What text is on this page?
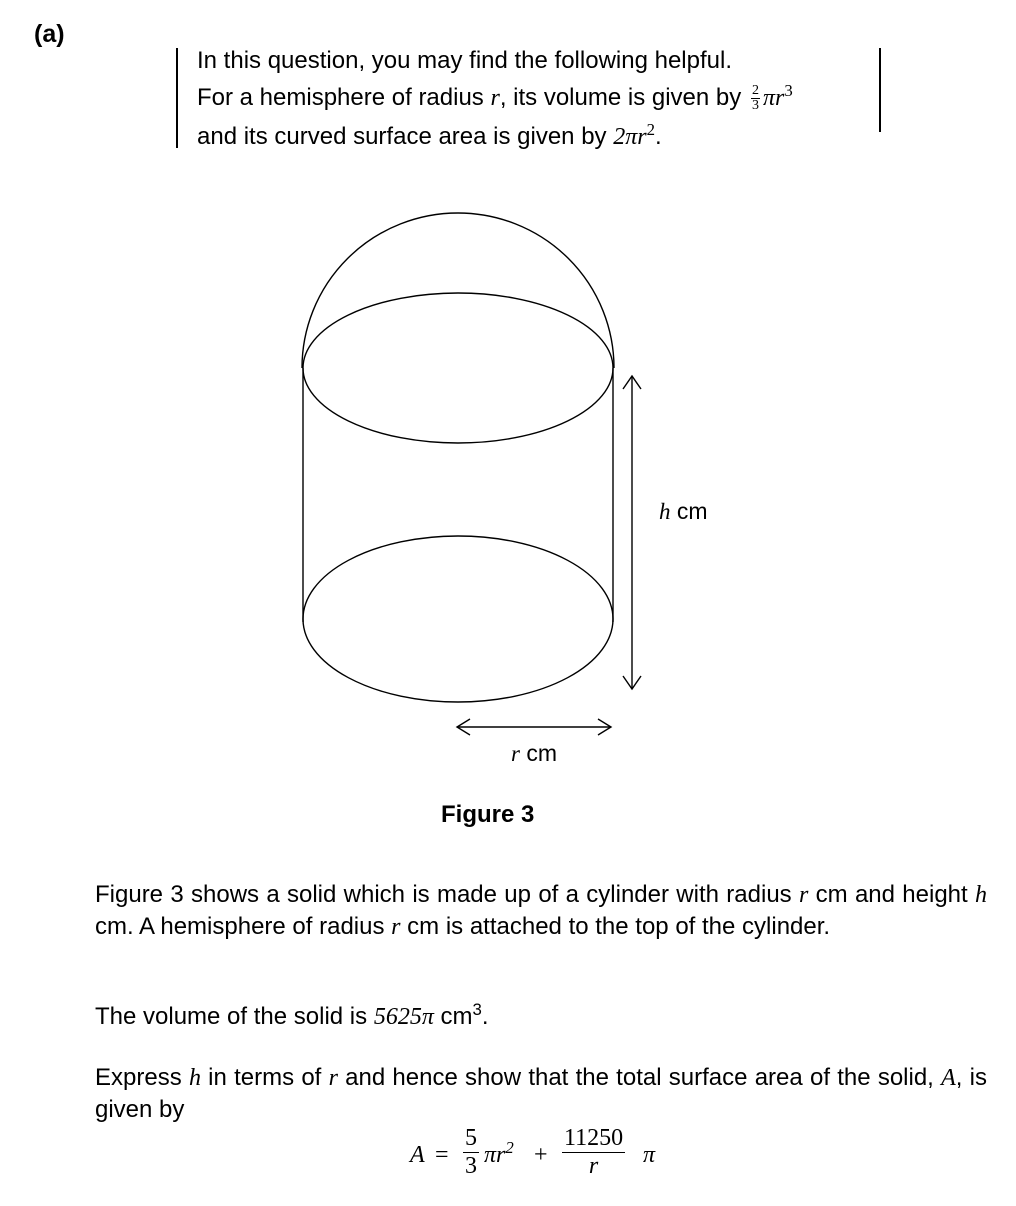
(a)
In this question, you may find the following helpful.
For a hemisphere of radius r, its volume is given by $\frac{2}{3} \pi r^3$
and its curved surface area is given by $2\pi r^2$.
h cm
r cm
Figure 3
Figure 3 shows a solid which is made up of a cylinder with radius r cm and height h cm. A hemisphere of radius r cm is attached to the top of the cylinder.
The volume of the solid is 5625π $cm^3$.
Express h in terms of r and hence show that the total surface area of the solid, A, is given by
$A = \frac{5}{3} \pi r^2 + \frac{11250}{r}$ π
